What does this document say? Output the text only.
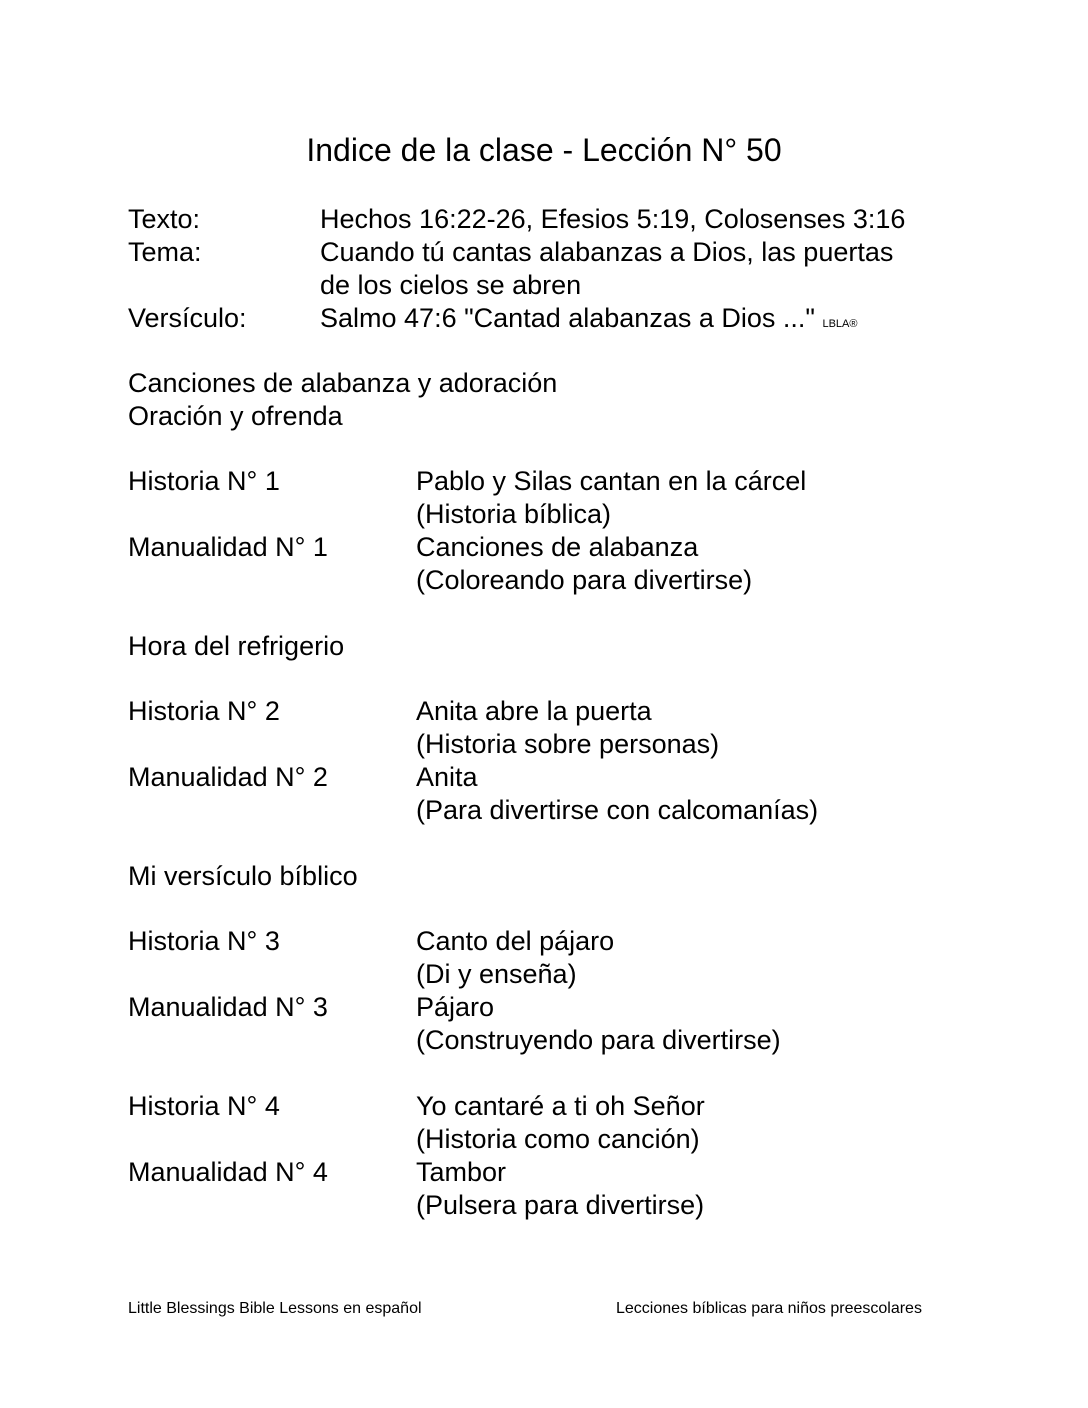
Indice de la clase - Lección N° 50
Texto:	Hechos 16:22-26, Efesios 5:19, Colosenses 3:16
Tema:	Cuando tú cantas alabanzas a Dios, las puertas
de los cielos se abren
Versículo:	Salmo 47:6 "Cantad alabanzas a Dios ..." LBLA®
Canciones de alabanza y adoración
Oración y ofrenda
Historia N° 1	Pablo y Silas cantan en la cárcel
(Historia bíblica)
Manualidad N° 1	Canciones de alabanza
(Coloreando para divertirse)
Hora del refrigerio
Historia N° 2	Anita abre la puerta
(Historia sobre personas)
Manualidad N° 2	Anita
(Para divertirse con calcomanías)
Mi versículo bíblico
Historia N° 3	Canto del pájaro
(Di y enseña)
Manualidad N° 3	Pájaro
(Construyendo para divertirse)
Historia N° 4	Yo cantaré a ti oh Señor
(Historia como canción)
Manualidad N° 4	Tambor
(Pulsera para divertirse)
Little Blessings Bible Lessons en español	Lecciones bíblicas para niños preescolares
